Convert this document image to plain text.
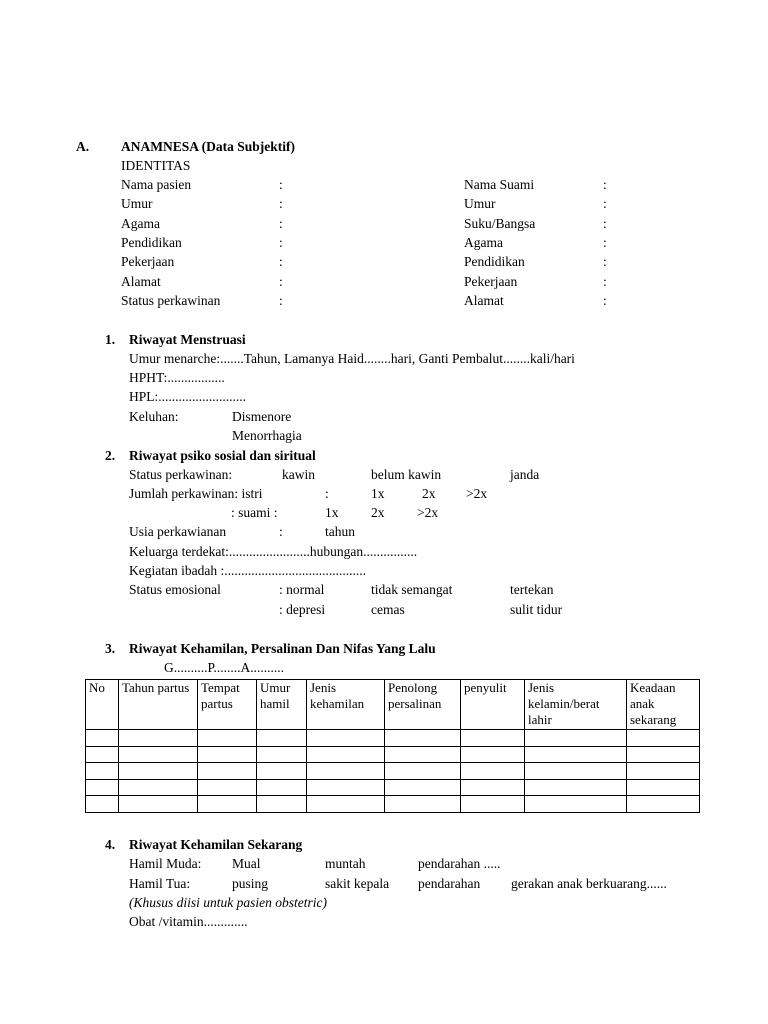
A. ANAMNESA (Data Subjektif)
IDENTITAS
Nama pasien	:	Nama Suami	:
Umur	:	Umur	:
Agama	:	Suku/Bangsa	:
Pendidikan	:	Agama	:
Pekerjaan	:	Pendidikan	:
Alamat	:	Pekerjaan	:
Status perkawinan	:	Alamat	:
1. Riwayat Menstruasi
Umur menarche:.......Tahun, Lamanya Haid........hari, Ganti Pembalut........kali/hari
HPHT:.................
HPL:..........................
Keluhan:	Dismenore
Menorrhagia
2. Riwayat psiko sosial dan siritual
Status perkawinan:	kawin	belum kawin	janda
Jumlah perkawinan: istri	:	1x	2x >2x
: suami :	1x 2x >2x
Usia perkawianan	:	tahun
Keluarga terdekat:........................hubungan................
Kegiatan ibadah :..........................................
Status emosional	: normal	tidak semangat	tertekan
: depresi	cemas	sulit tidur
3. Riwayat Kehamilan, Persalinan Dan Nifas Yang Lalu
G..........P........A..........
No	Tahun partus	Tempat partus	Umur hamil	Jenis kehamilan	Penolong persalinan	penyulit	Jenis kelamin/berat lahir	Keadaan anak sekarang

4. Riwayat Kehamilan Sekarang
Hamil Muda: Mual	muntah	pendarahan .....
Hamil Tua:	pusing	sakit kepala pendarahan gerakan anak berkuarang......
(Khusus diisi untuk pasien obstetric)
Obat /vitamin.............
